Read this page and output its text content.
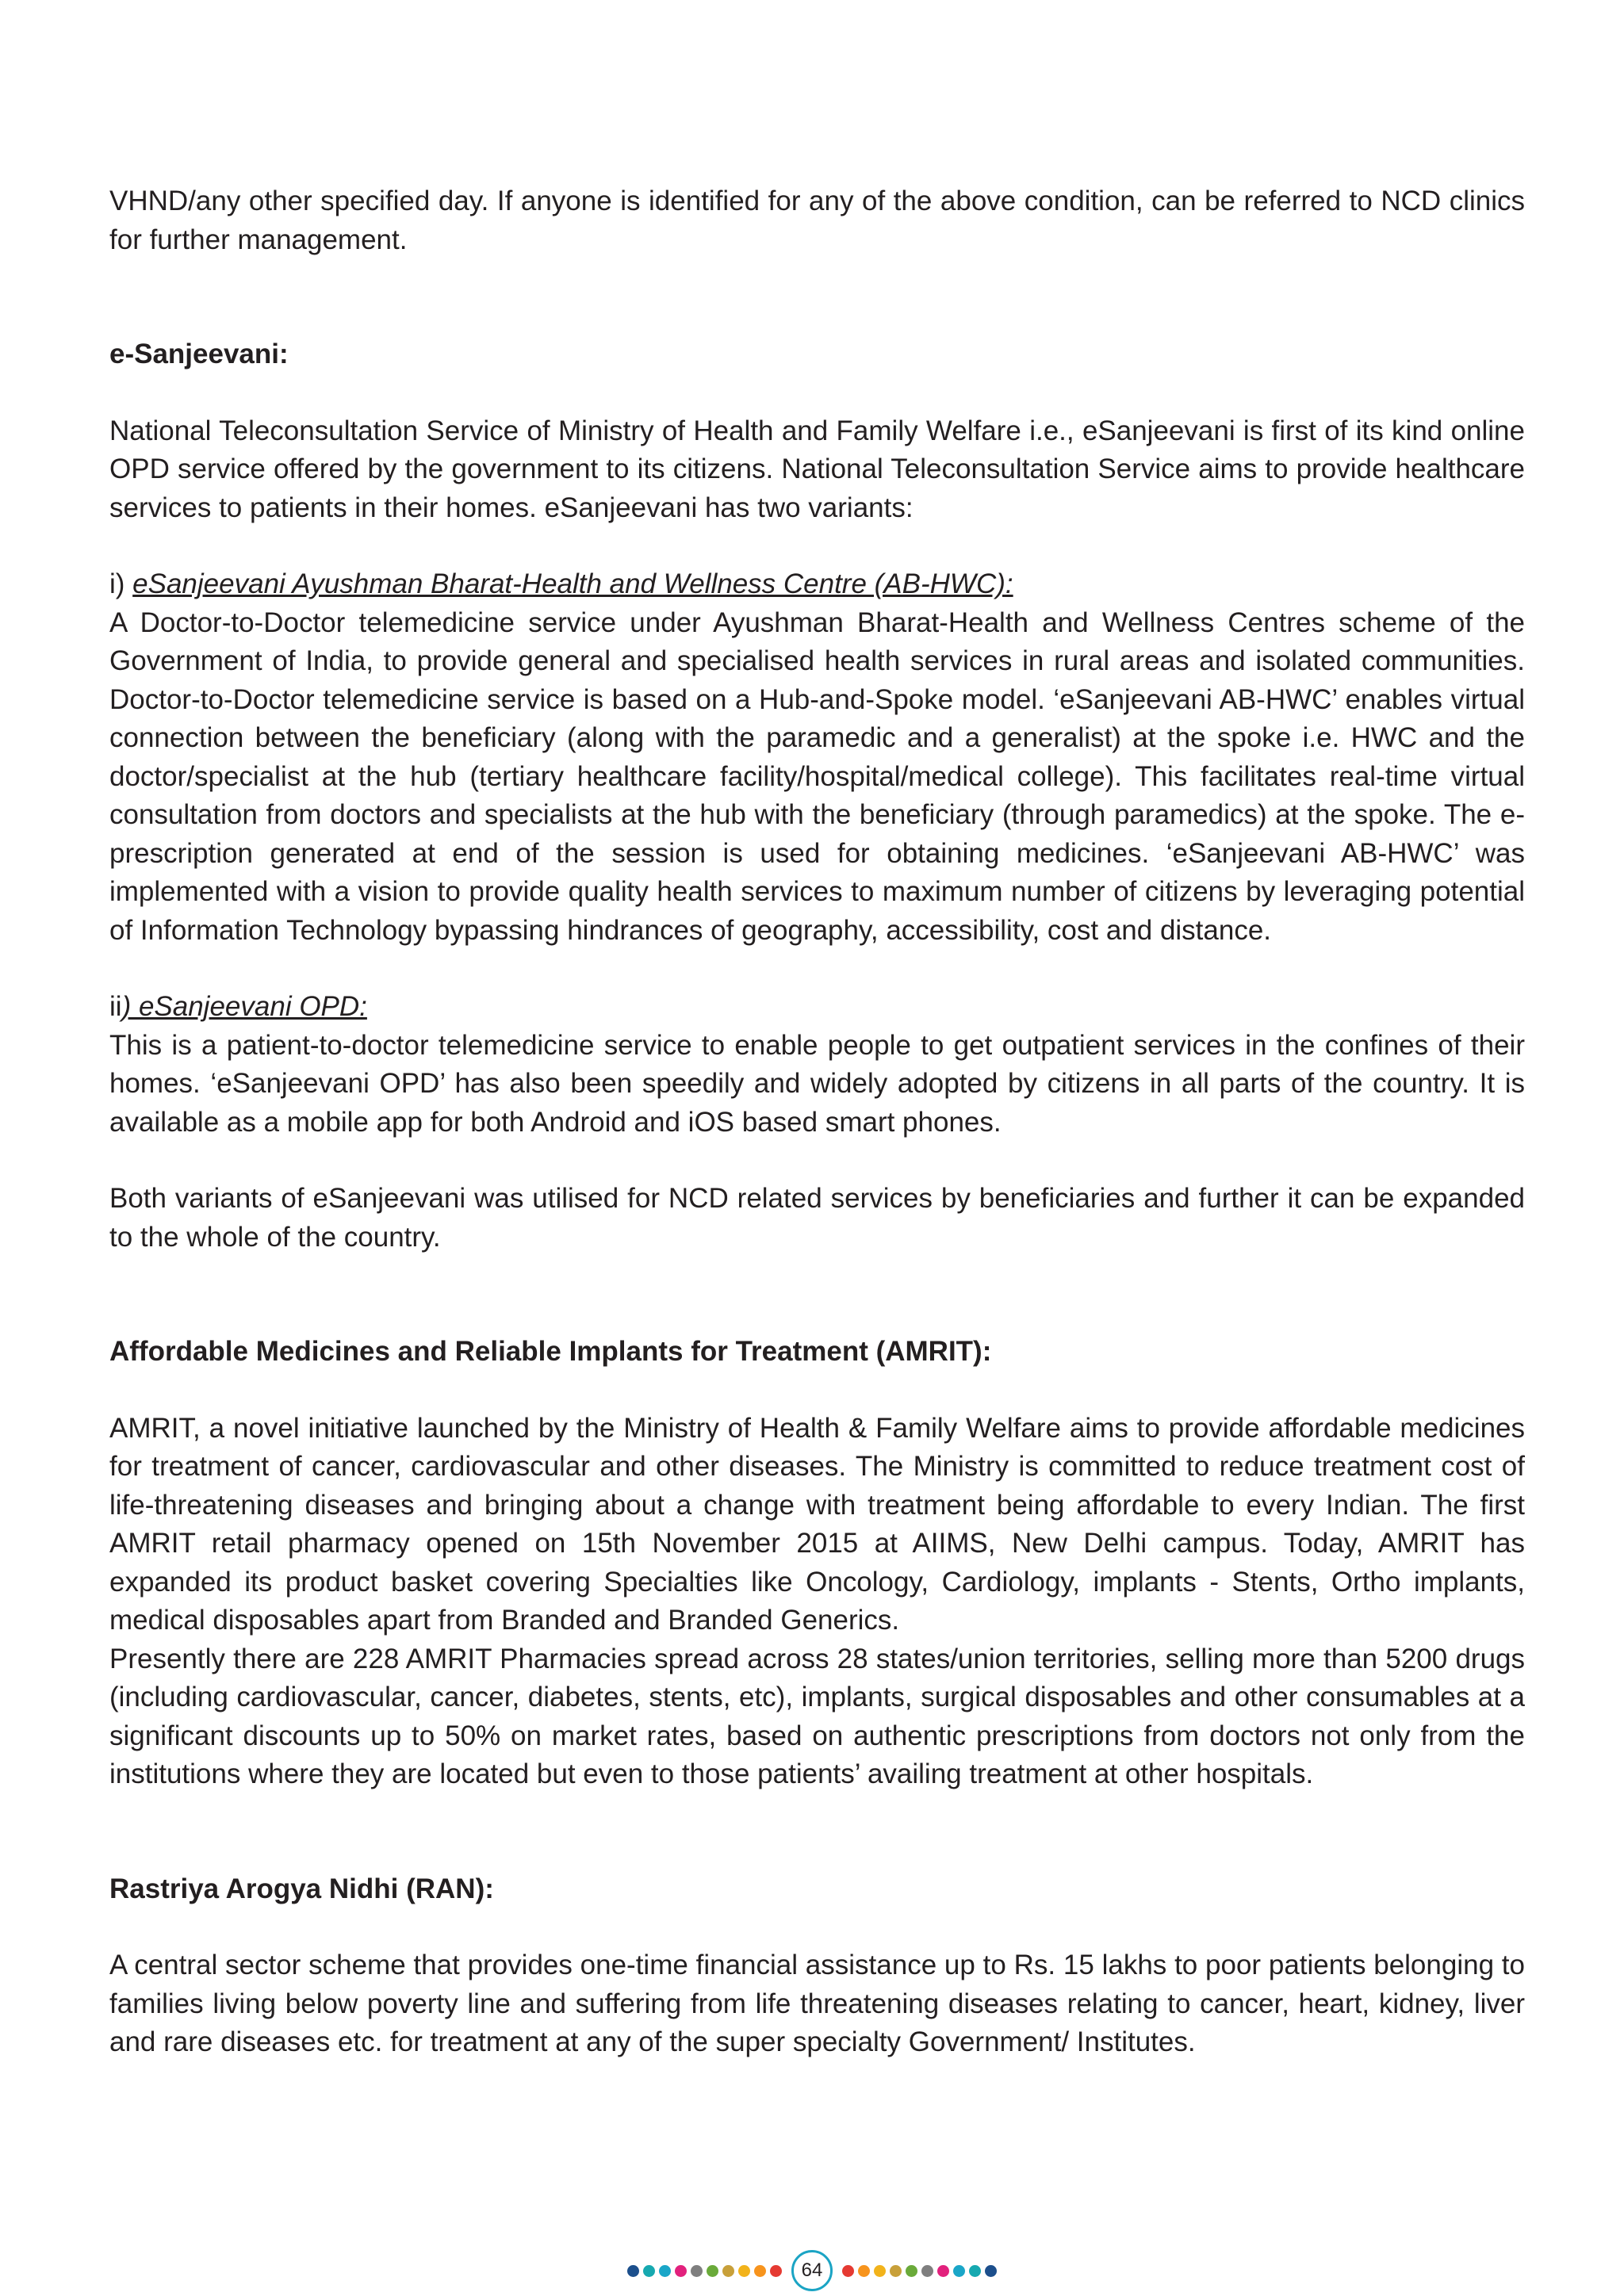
VHND/any other specified day. If anyone is identified for any of the above condition, can be referred to NCD clinics for further management.

e-Sanjeevani:

National Teleconsultation Service of Ministry of Health and Family Welfare i.e., eSanjeevani is first of its kind online OPD service offered by the government to its citizens. National Teleconsultation Service aims to provide healthcare services to patients in their homes. eSanjeevani has two variants:

i) eSanjeevani Ayushman Bharat-Health and Wellness Centre (AB-HWC):

A Doctor-to-Doctor telemedicine service under Ayushman Bharat-Health and Wellness Centres scheme of the Government of India, to provide general and specialised health services in rural areas and isolated communities. Doctor-to-Doctor telemedicine service is based on a Hub-and-Spoke model. ‘eSanjeevani AB-HWC’ enables virtual connection between the beneficiary (along with the paramedic and a generalist) at the spoke i.e. HWC and the doctor/specialist at the hub (tertiary healthcare facility/hospital/medical college). This facilitates real-time virtual consultation from doctors and specialists at the hub with the beneficiary (through paramedics) at the spoke. The e-prescription generated at end of the session is used for obtaining medicines. ‘eSanjeevani AB-HWC’ was implemented with a vision to provide quality health services to maximum number of citizens by leveraging potential of Information Technology bypassing hindrances of geography, accessibility, cost and distance.

ii) eSanjeevani OPD:

This is a patient-to-doctor telemedicine service to enable people to get outpatient services in the confines of their homes. ‘eSanjeevani OPD’ has also been speedily and widely adopted by citizens in all parts of the country. It is available as a mobile app for both Android and iOS based smart phones.

Both variants of eSanjeevani was utilised for NCD related services by beneficiaries and further it can be expanded to the whole of the country.

Affordable Medicines and Reliable Implants for Treatment (AMRIT):

AMRIT, a novel initiative launched by the Ministry of Health & Family Welfare aims to provide affordable medicines for treatment of cancer, cardiovascular and other diseases. The Ministry is committed to reduce treatment cost of life-threatening diseases and bringing about a change with treatment being affordable to every Indian. The first AMRIT retail pharmacy opened on 15th November 2015 at AIIMS, New Delhi campus. Today, AMRIT has expanded its product basket covering Specialties like Oncology, Cardiology, implants - Stents, Ortho implants, medical disposables apart from Branded and Branded Generics.

Presently there are 228 AMRIT Pharmacies spread across 28 states/union territories, selling more than 5200 drugs (including cardiovascular, cancer, diabetes, stents, etc), implants, surgical disposables and other consumables at a significant discounts up to 50% on market rates, based on authentic prescriptions from doctors not only from the institutions where they are located but even to those patients’ availing treatment at other hospitals.

Rastriya Arogya Nidhi (RAN):

A central sector scheme that provides one-time financial assistance up to Rs. 15 lakhs to poor patients belonging to families living below poverty line and suffering from life threatening diseases relating to cancer, heart, kidney, liver and rare diseases etc. for treatment at any of the super specialty Government/ Institutes.

64
